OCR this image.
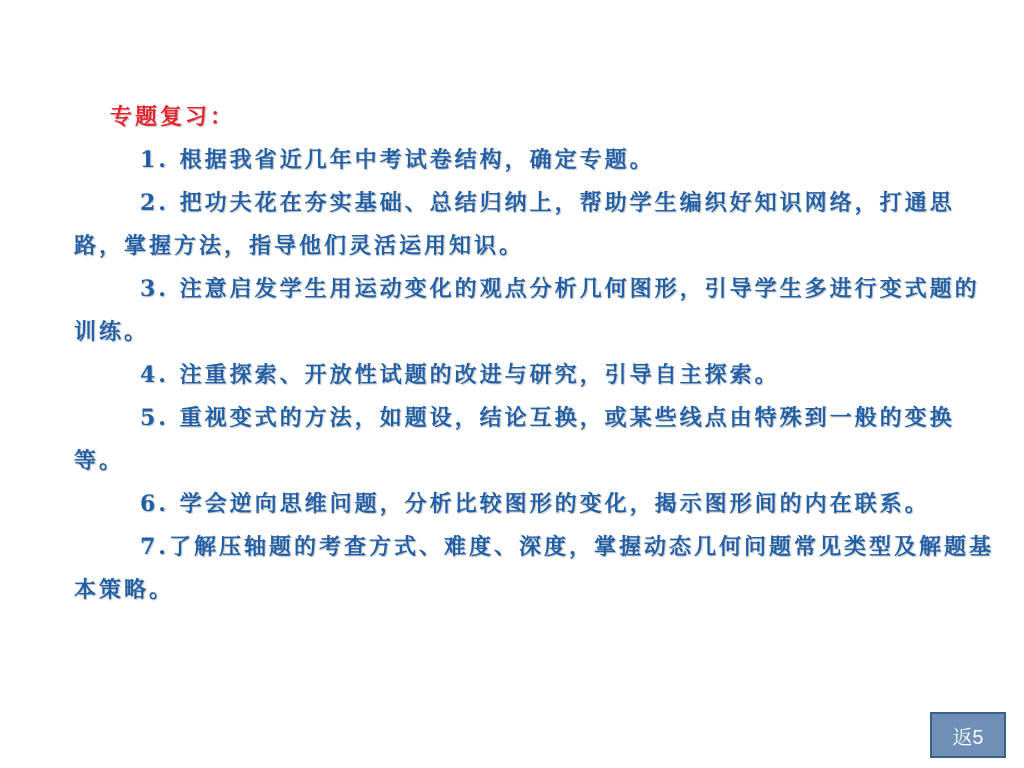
专题复习：

1. 根据我省近几年中考试卷结构，确定专题。

2. 把功夫花在夯实基础、总结归纳上，帮助学生编织好知识网络，打通思路，掌握方法，指导他们灵活运用知识。

3. 注意启发学生用运动变化的观点分析几何图形，引导学生多进行变式题的训练。

4. 注重探索、开放性试题的改进与研究，引导自主探索。

5. 重视变式的方法，如题设，结论互换，或某些线点由特殊到一般的变换等。

6. 学会逆向思维问题，分析比较图形的变化，揭示图形间的内在联系。

7.了解压轴题的考查方式、难度、深度，掌握动态几何问题常见类型及解题基本策略。

返5
